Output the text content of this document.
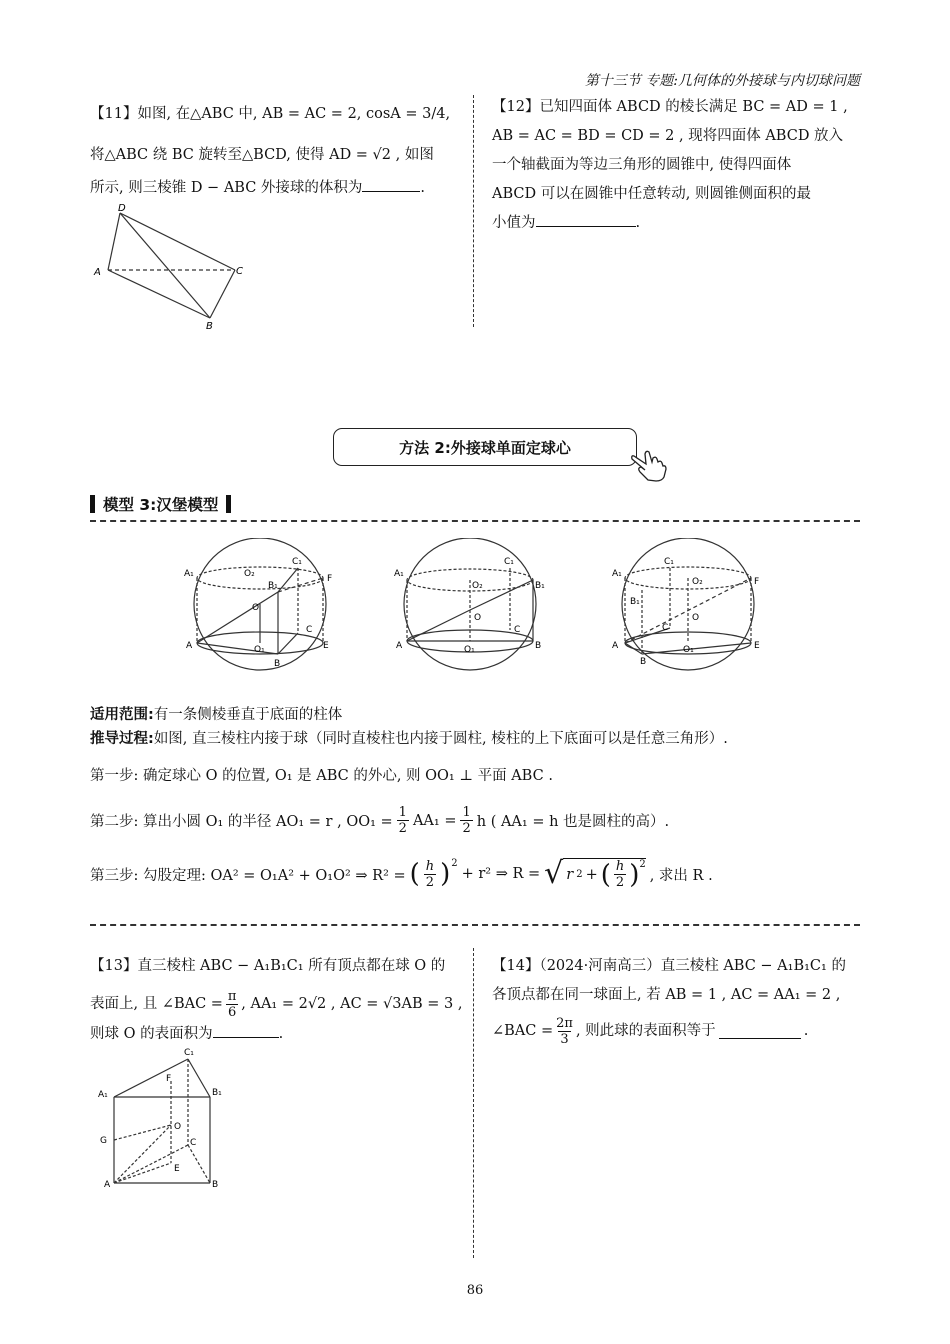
第十三节 专题:几何体的外接球与内切球问题
【11】如图, 在△ABC 中, AB = AC = 2, cosA = 3/4,
将△ABC 绕 BC 旋转至△BCD, 使得 AD = √2 , 如图
所示, 则三棱锥 D − ABC 外接球的体积为	.
D
A	C
B
【12】已知四面体 ABCD 的棱长满足 BC = AD = 1 ,
AB = AC = BD = CD = 2 , 现将四面体 ABCD 放入
一个轴截面为等边三角形的圆锥中, 使得四面体
ABCD 可以在圆锥中任意转动, 则圆锥侧面积的最
小值为	.
方法 2:外接球单面定球心
模型 3:汉堡模型
A₁	O₂
B₁
C₁
F
O
C
A	O₁	E
B
A₁
O₂	B₁
C₁
O
C
A	O₁	B
A₁
C₁
O₂	F
B₁
O
C
A	O₁	E
B
适用范围:有一条侧棱垂直于底面的柱体
推导过程:如图, 直三棱柱内接于球（同时直棱柱也内接于圆柱, 棱柱的上下底面可以是任意三角形）.
第一步: 确定球心 O 的位置, O₁ 是 ABC 的外心, 则 OO₁ ⊥ 平面 ABC .
第二步: 算出小圆 O₁ 的半径 AO₁ = r , $OO_1 = \frac{1}{2} AA_1 = \frac{1}{2}$ h ( AA₁ = h 也是圆柱的高）.
第三步: 勾股定理: OA² = O₁A² + O₁O² ⇒ R² = ( $\frac{h}{2} )^2$
+ r² ⇒ R = √ r 2 + ( $\frac{h}{2} )^2$
, 求出 R .
【13】直三棱柱 ABC − A₁B₁C₁ 所有顶点都在球 O 的
表面上, 且 ∠BAC = $\frac{\pi}{6}$ , AA₁ = 2√2 , AC = √3AB = 3 ,
则球 O 的表面积为	.
C₁
F
A₁	B₁
O
G	C
E
A	B
【14】（2024·河南高三）直三棱柱 ABC − A₁B₁C₁ 的
各顶点都在同一球面上, 若 AB = 1 , AC = AA₁ = 2 ,
∠BAC = $\frac{2\pi}{3}$ , 则此球的表面积等于	.
86
